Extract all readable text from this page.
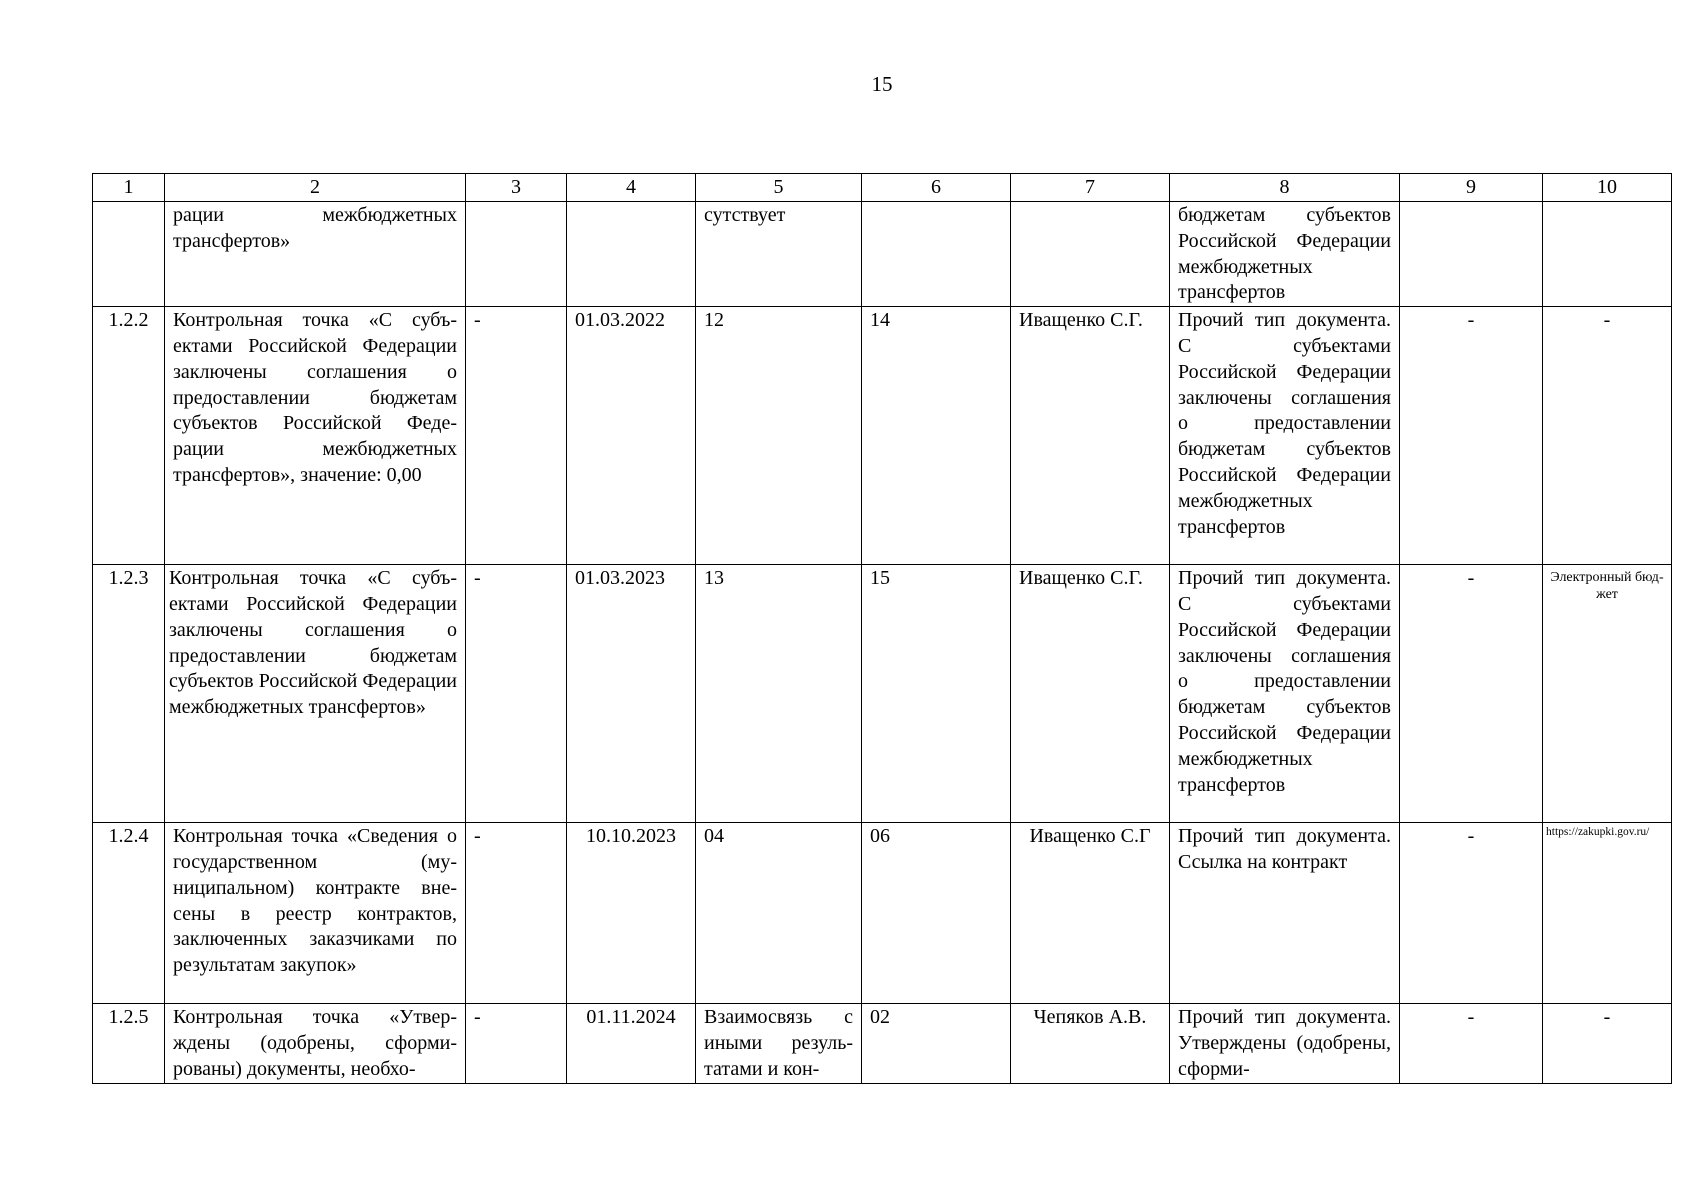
15
1	2	3	4	5	6	7	8	9	10
	рации межбюджетных трансфертов»			сутствует			бюджетам субъектов Российской Федерации межбюджетных трансфертов		
1.2.2	Контрольная точка «С субъектами Российской Федерации заключены соглашения о предоставлении бюджетам субъектов Российской Федерации межбюджетных трансфертов», значение: 0,00	-	01.03.2022	12	14	Иващенко С.Г.	Прочий тип документа. С субъектами Российской Федерации заключены соглашения о предоставлении бюджетам субъектов Российской Федерации межбюджетных трансфертов	-	-
1.2.3	Контрольная точка «С субъектами Российской Федерации заключены соглашения о предоставлении бюджетам субъектов Российской Федерации межбюджетных трансфертов»	-	01.03.2023	13	15	Иващенко С.Г.	Прочий тип документа. С субъектами Российской Федерации заключены соглашения о предоставлении бюджетам субъектов Российской Федерации межбюджетных трансфертов	-	Электронный бюджет
1.2.4	Контрольная точка «Сведения о государственном (муниципальном) контракте внесены в реестр контрактов, заключенных заказчиками по результатам закупок»	-	10.10.2023	04	06	Иващенко С.Г	Прочий тип документа. Ссылка на контракт	-	https://zakupki.gov.ru/
1.2.5	Контрольная точка «Утверждены (одобрены, сформированы) документы, необхо-	-	01.11.2024	Взаимосвязь с иными результатами и кон-	02	Чепяков А.В.	Прочий тип документа. Утверждены (одобрены, сформи-	-	-
